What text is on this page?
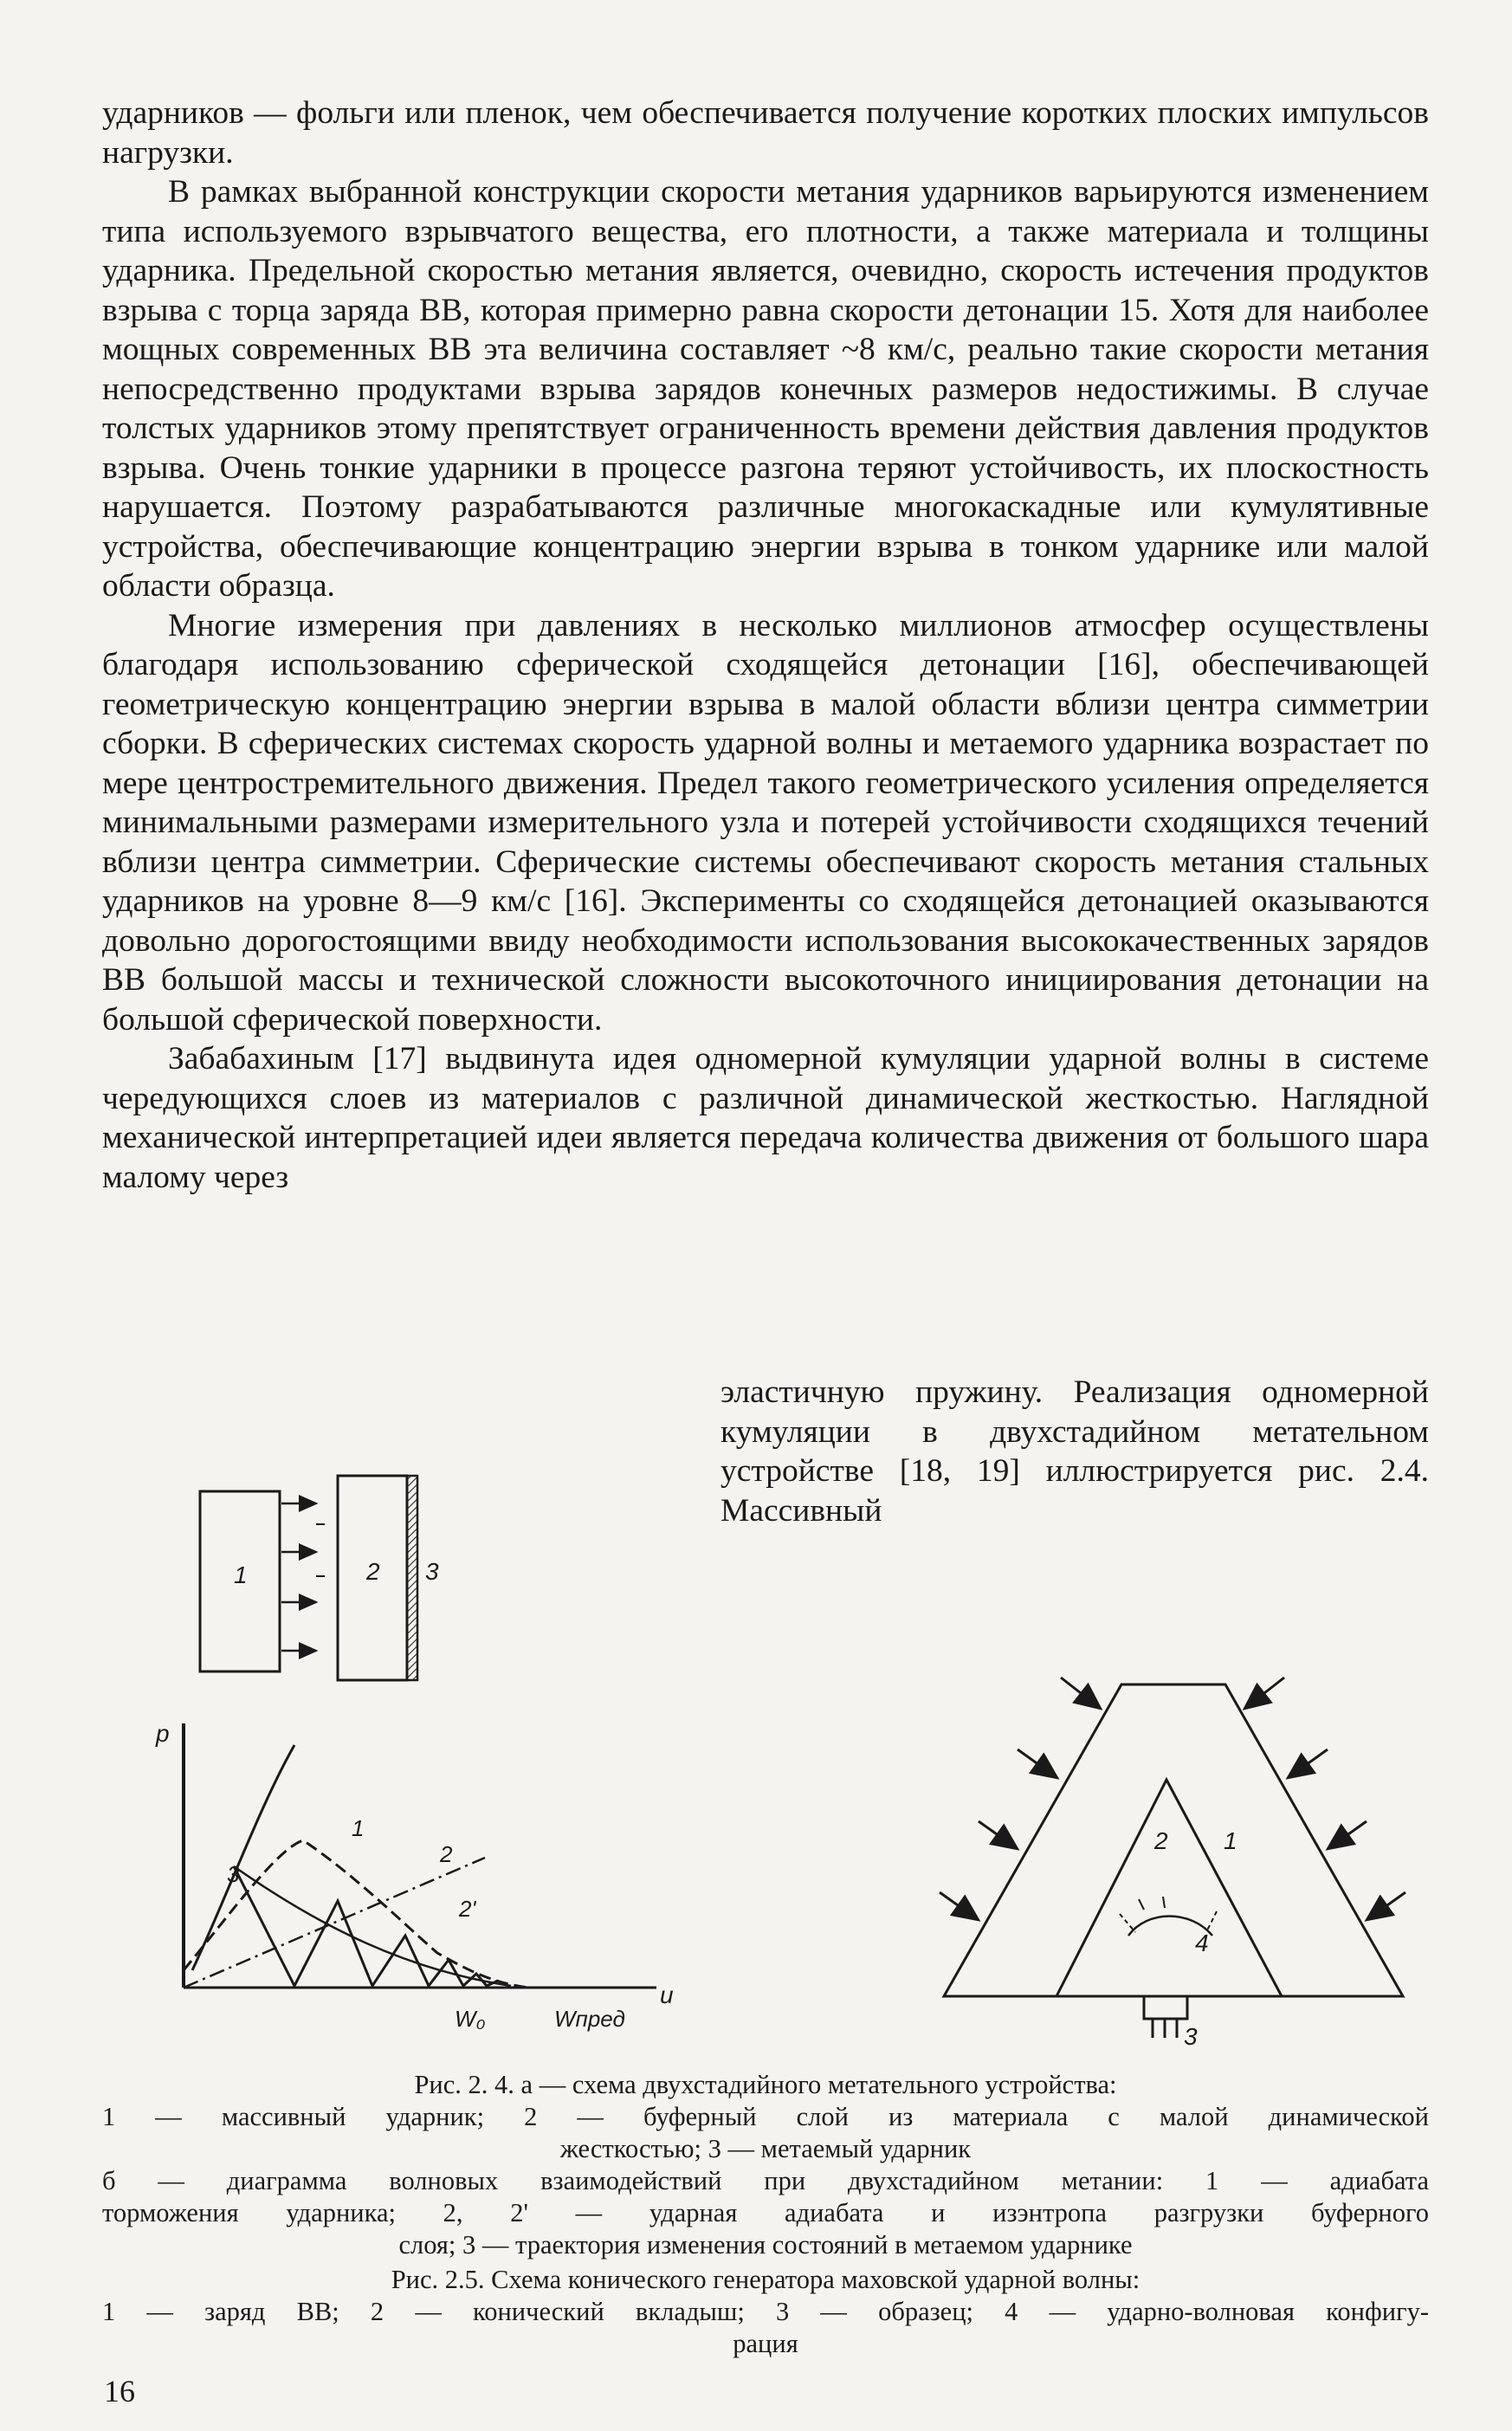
ударников — фольги или пленок, чем обеспечивается получение коротких плоских импульсов нагрузки.

В рамках выбранной конструкции скорости метания ударников варьируются изменением типа используемого взрывчатого вещества, его плотности, а также материала и толщины ударника. Предельной скоростью метания является, очевидно, скорость истечения продуктов взрыва с торца заряда ВВ, которая примерно равна скорости детонации 15. Хотя для наиболее мощных современных ВВ эта величина составляет ~8 км/с, реально такие скорости метания непосредственно продуктами взрыва зарядов конечных размеров недостижимы. В случае толстых ударников этому препятствует ограниченность времени действия давления продуктов взрыва. Очень тонкие ударники в процессе разгона теряют устойчивость, их плоскостность нарушается. Поэтому разрабатываются различные многокаскадные или кумулятивные устройства, обеспечивающие концентрацию энергии взрыва в тонком ударнике или малой области образца.

Многие измерения при давлениях в несколько миллионов атмосфер осуществлены благодаря использованию сферической сходящейся детонации [16], обеспечивающей геометрическую концентрацию энергии взрыва в малой области вблизи центра симметрии сборки. В сферических системах скорость ударной волны и метаемого ударника возрастает по мере центростремительного движения. Предел такого геометрического усиления определяется минимальными размерами измерительного узла и потерей устойчивости сходящихся течений вблизи центра симметрии. Сферические системы обеспечивают скорость метания стальных ударников на уровне 8—9 км/с [16]. Эксперименты со сходящейся детонацией оказываются довольно дорогостоящими ввиду необходимости использования высококачественных зарядов ВВ большой массы и технической сложности высокоточного инициирования детонации на большой сферической поверхности.

Забабахиным [17] выдвинута идея одномерной кумуляции ударной волны в системе чередующихся слоев из материалов с различной динамической жесткостью. Наглядной механической интерпретацией идеи является передача количества движения от большого шара малому через

эластичную пружину. Реализация одномерной кумуляции в двухстадийном метательном устройстве [18, 19] иллюстрируется рис. 2.4. Массивный

1	2 3
p
u
W₀	Wпред
1
2
2'
3
1
2
3
4
Рис. 2. 4. а — схема двухстадийного метательного устройства:
1 — массивный ударник; 2 — буферный слой из материала с малой динамической
жесткостью; 3 — метаемый ударник
б — диаграмма волновых взаимодействий при двухстадийном метании: 1 — адиабата
торможения ударника; 2, 2' — ударная адиабата и изэнтропа разгрузки буферного
слоя; 3 — траектория изменения состояний в метаемом ударнике
Рис. 2.5. Схема конического генератора маховской ударной волны:
1 — заряд ВВ; 2 — конический вкладыш; 3 — образец; 4 — ударно-волновая конфигу-
рация
16
